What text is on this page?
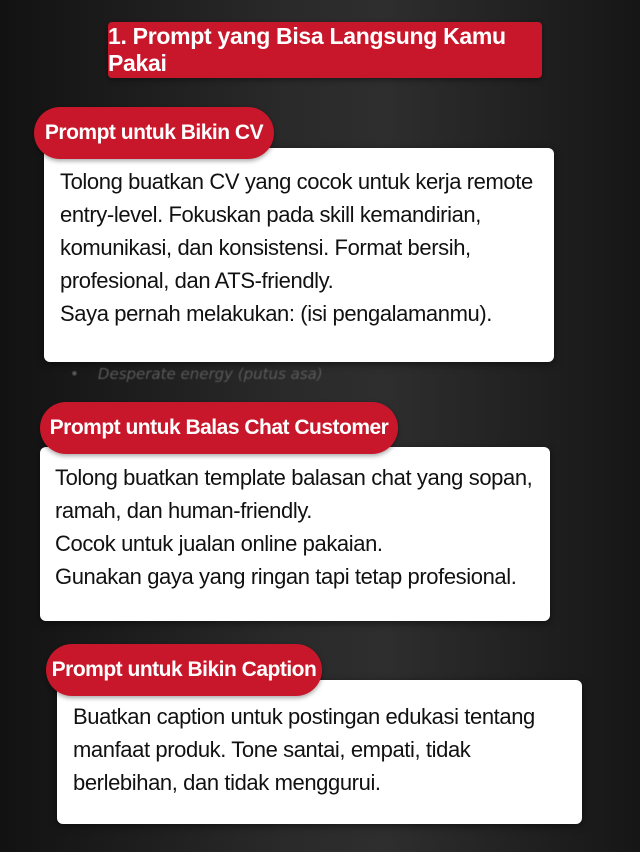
•    Desperate energy (putus asa)
1. Prompt yang Bisa Langsung Kamu Pakai

Tolong buatkan CV yang cocok untuk kerja remote

entry-level. Fokuskan pada skill kemandirian,

komunikasi, dan konsistensi. Format bersih,

profesional, dan ATS-friendly.

Saya pernah melakukan: (isi pengalamanmu).

Prompt untuk Bikin CV

Tolong buatkan template balasan chat yang sopan,

ramah, dan human-friendly.

Cocok untuk jualan online pakaian.

Gunakan gaya yang ringan tapi tetap profesional.

Prompt untuk Balas Chat Customer

Buatkan caption untuk postingan edukasi tentang

manfaat produk. Tone santai, empati, tidak

berlebihan, dan tidak menggurui.

Prompt untuk Bikin Caption
